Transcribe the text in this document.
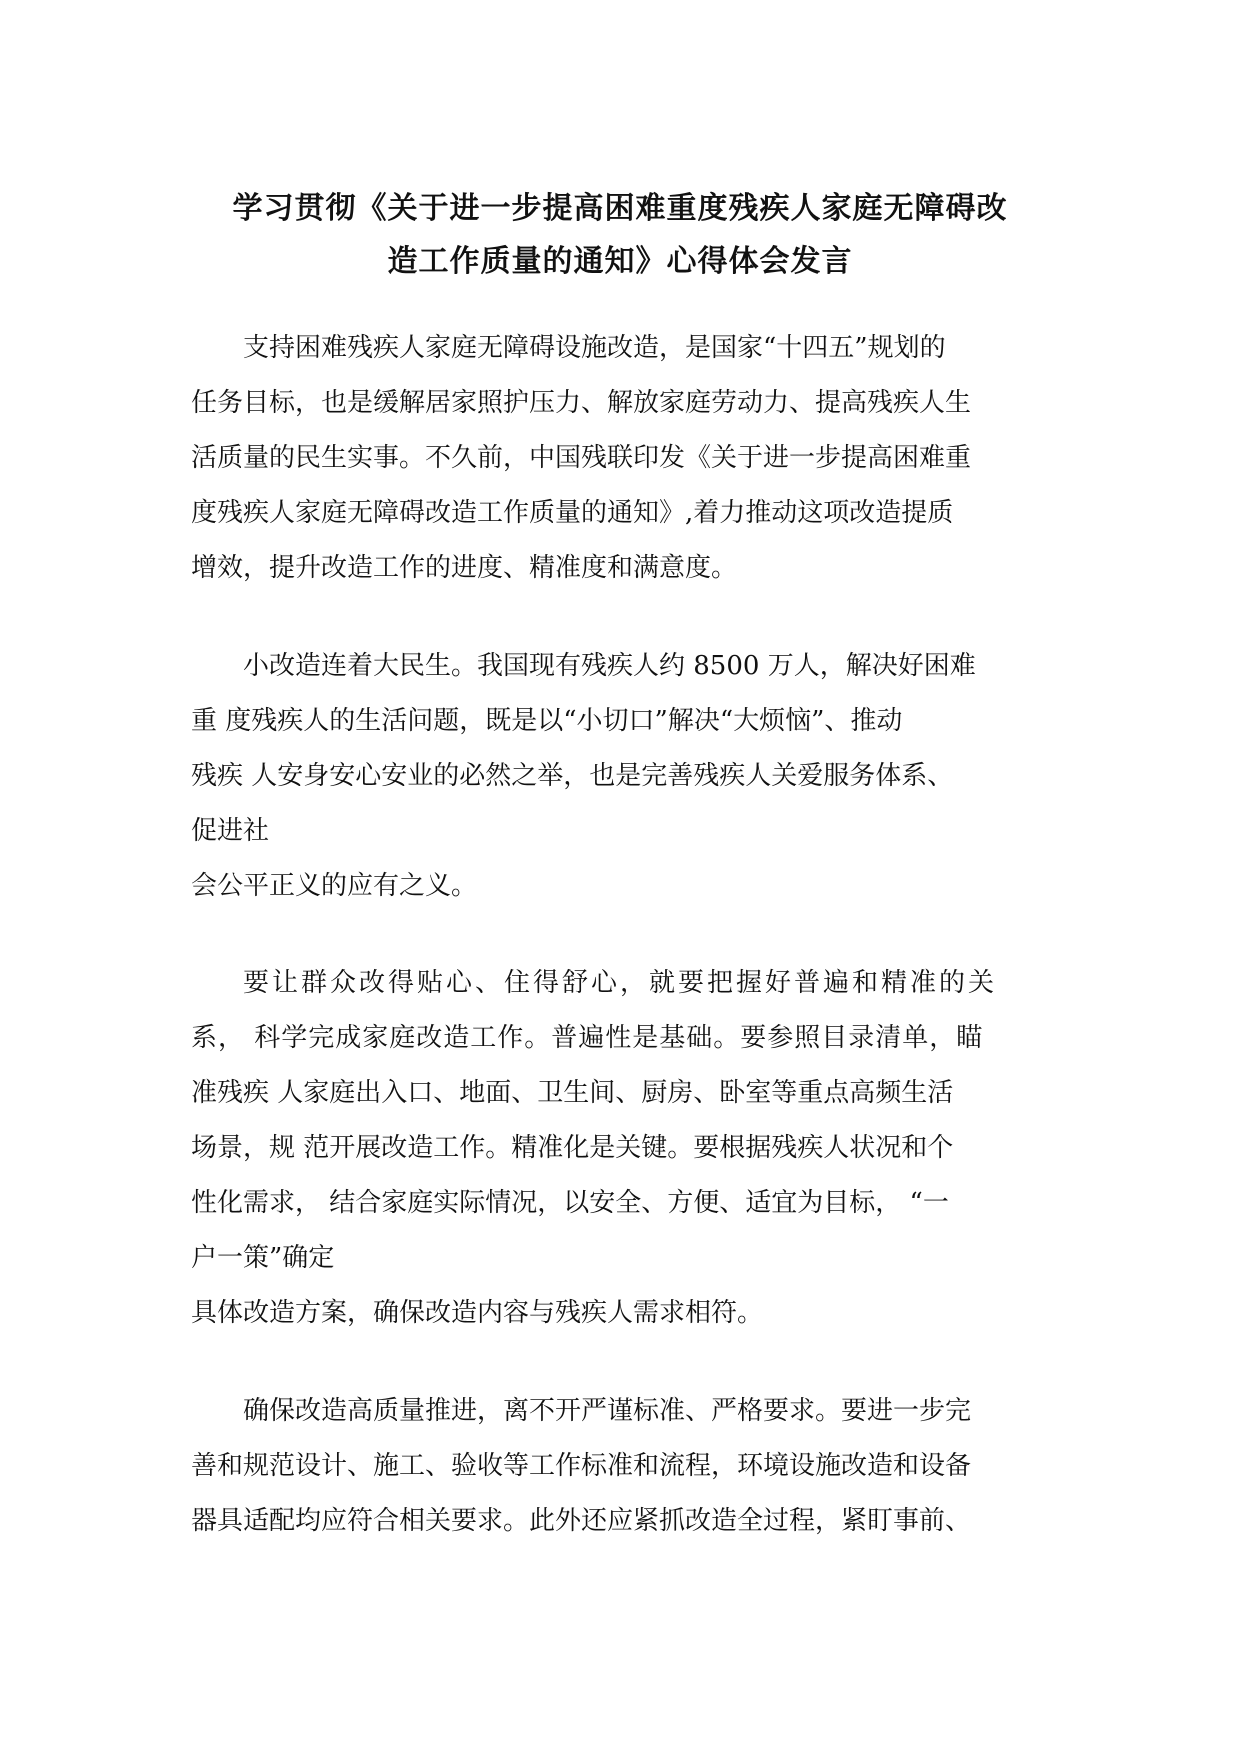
学习贯彻《关于进一步提高困难重度残疾人家庭无障碍改
造工作质量的通知》心得体会发言

支持困难残疾人家庭无障碍设施改造，是国家“十四五”规划的

任务目标，也是缓解居家照护压力、解放家庭劳动力、提高残疾人生

活质量的民生实事。不久前，中国残联印发《关于进一步提高困难重

度残疾人家庭无障碍改造工作质量的通知》,着力推动这项改造提质

增效，提升改造工作的进度、精准度和满意度。

小改造连着大民生。我国现有残疾人约 8500 万人，解决好困难

重 度残疾人的生活问题，既是以“小切口”解决“大烦恼”、推动

残疾 人安身安心安业的必然之举，也是完善残疾人关爱服务体系、

促进社

会公平正义的应有之义。

要让群众改得贴心、住得舒心，就要把握好普遍和精准的关

系， 科学完成家庭改造工作。普遍性是基础。要参照目录清单，瞄

准残疾 人家庭出入口、地面、卫生间、厨房、卧室等重点高频生活

场景，规 范开展改造工作。精准化是关键。要根据残疾人状况和个

性化需求， 结合家庭实际情况，以安全、方便、适宜为目标， “一

户一策”确定

具体改造方案，确保改造内容与残疾人需求相符。

确保改造高质量推进，离不开严谨标准、严格要求。要进一步完

善和规范设计、施工、验收等工作标准和流程，环境设施改造和设备

器具适配均应符合相关要求。此外还应紧抓改造全过程，紧盯事前、
